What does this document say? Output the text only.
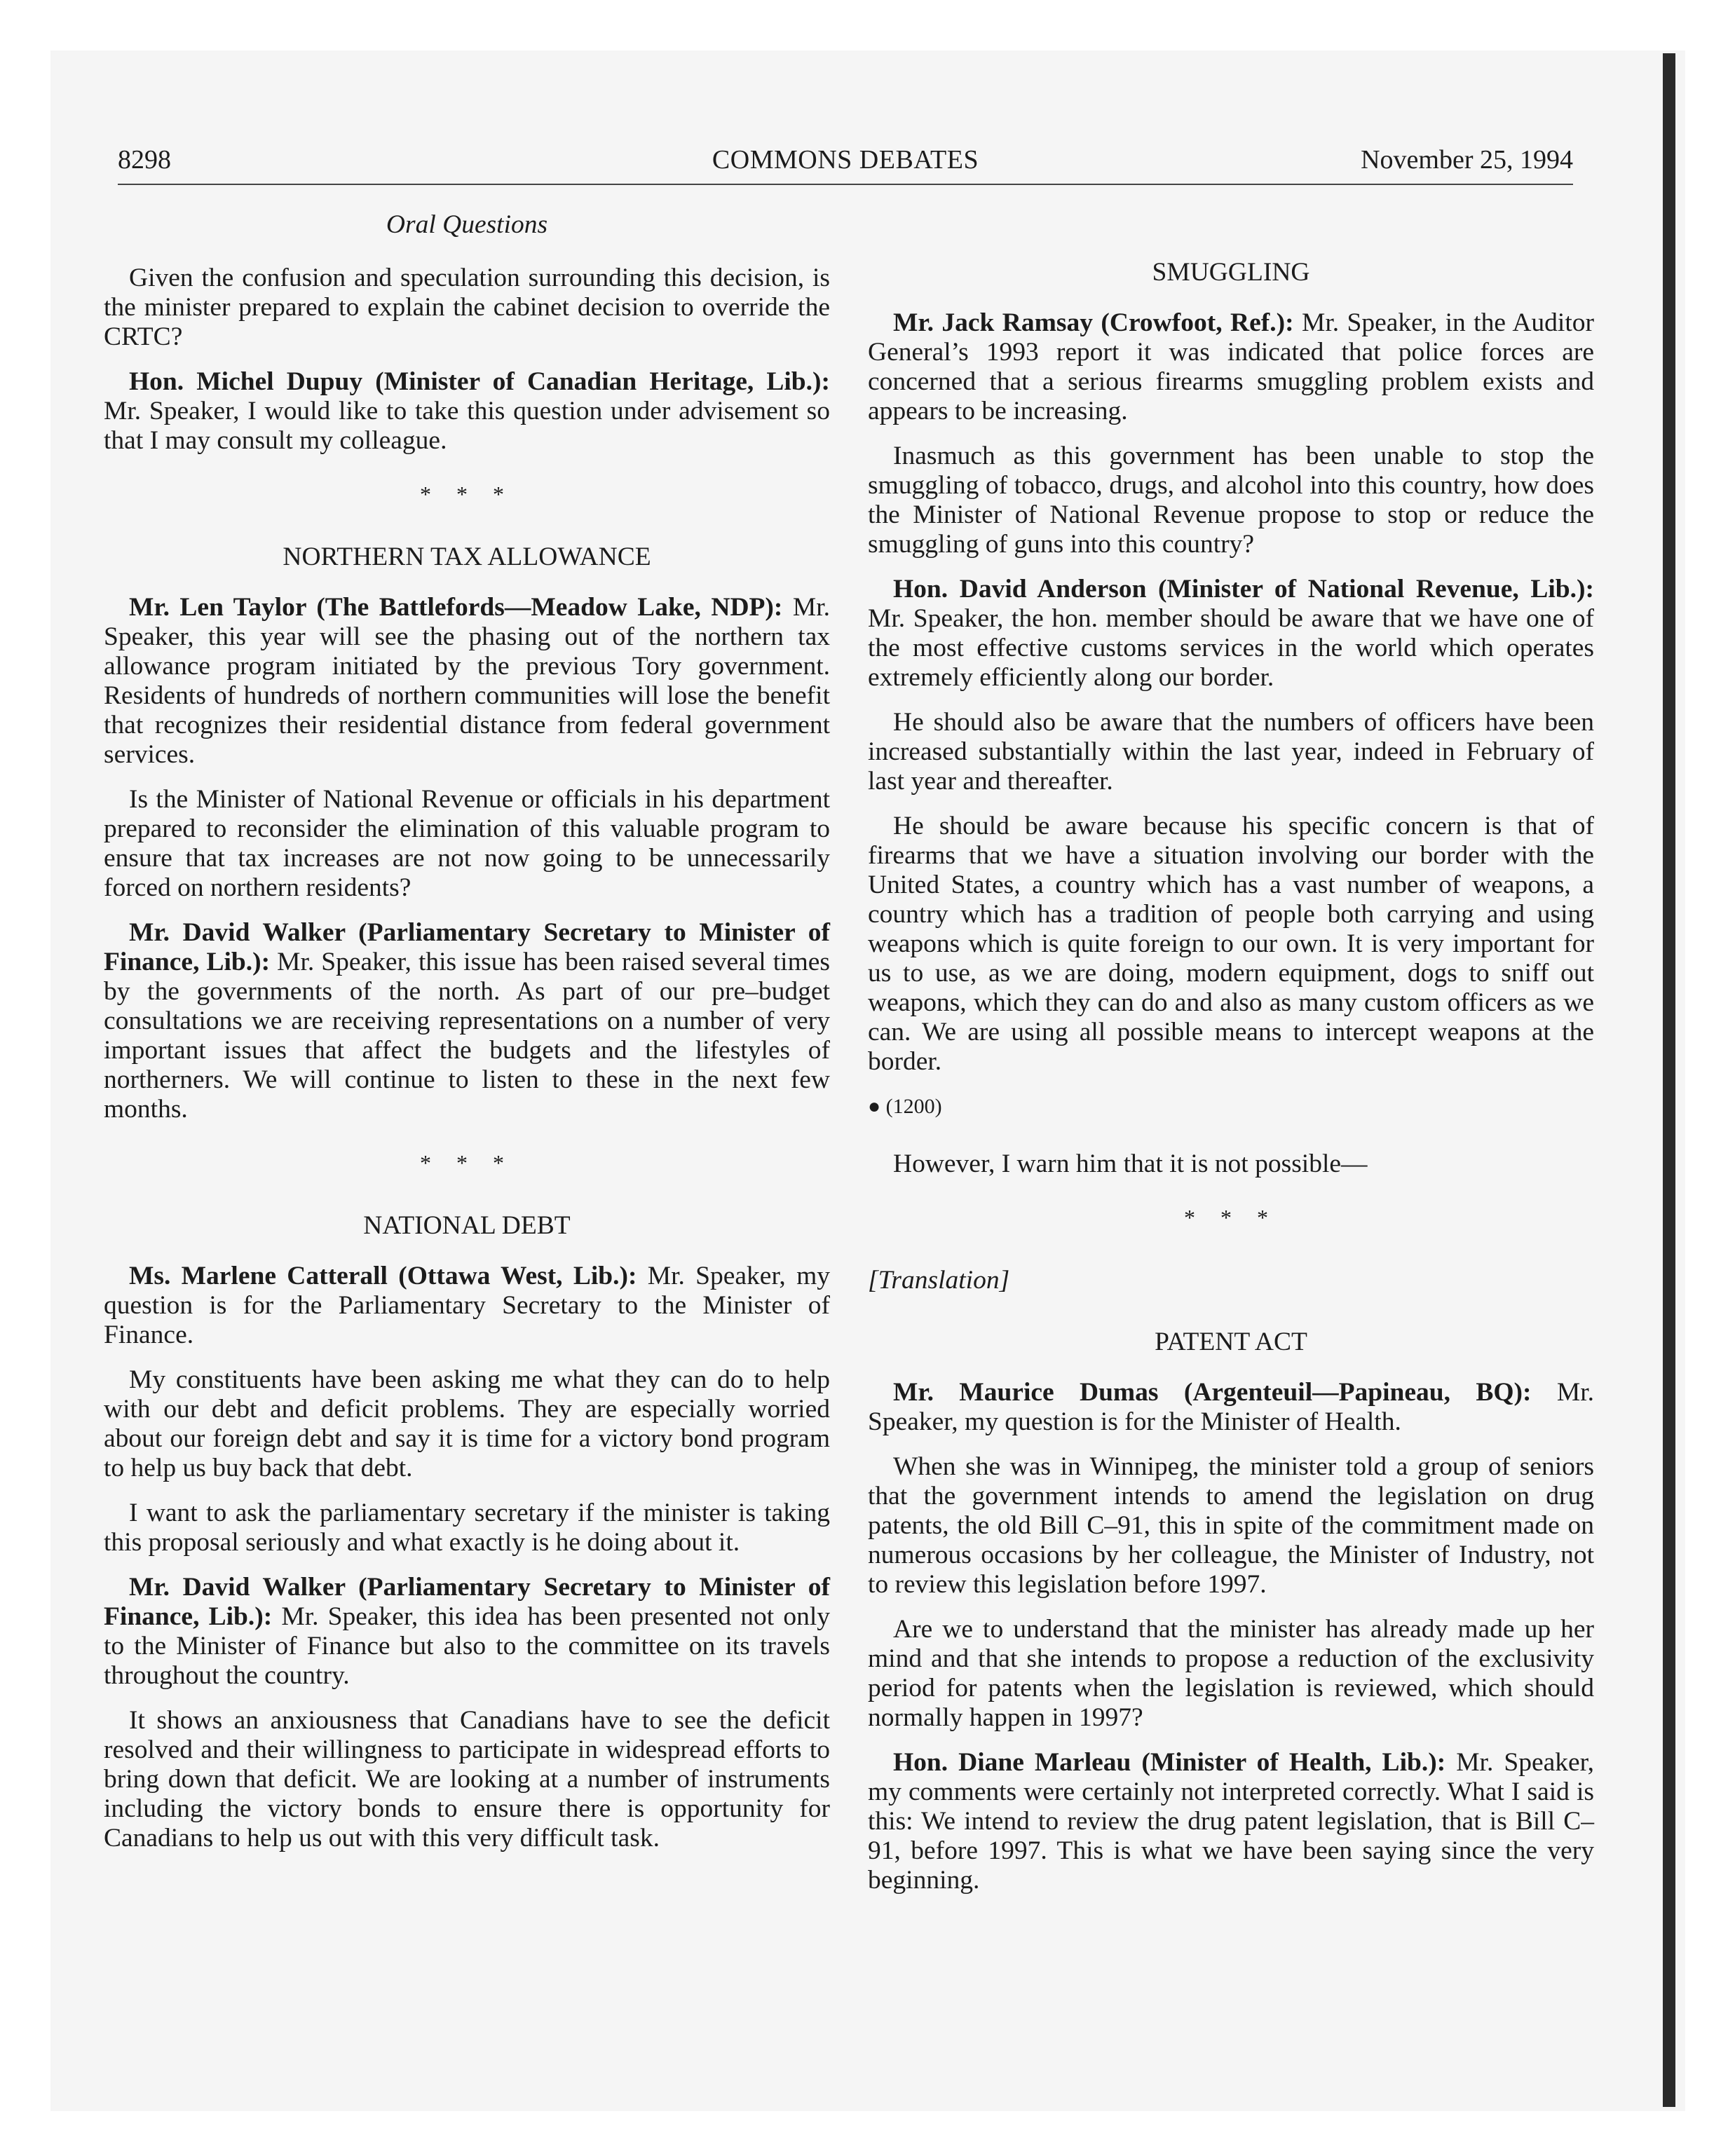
8298	COMMONS DEBATES	November 25, 1994
Oral Questions

Given the confusion and speculation surrounding this decision, is the minister prepared to explain the cabinet decision to override the CRTC?

Hon. Michel Dupuy (Minister of Canadian Heritage, Lib.): Mr. Speaker, I would like to take this question under advisement so that I may consult my colleague.

* * *
NORTHERN TAX ALLOWANCE

Mr. Len Taylor (The Battlefords—Meadow Lake, NDP): Mr. Speaker, this year will see the phasing out of the northern tax allowance program initiated by the previous Tory government. Residents of hundreds of northern communities will lose the benefit that recognizes their residential distance from federal government services.

Is the Minister of National Revenue or officials in his department prepared to reconsider the elimination of this valuable program to ensure that tax increases are not now going to be unnecessarily forced on northern residents?

Mr. David Walker (Parliamentary Secretary to Minister of Finance, Lib.): Mr. Speaker, this issue has been raised several times by the governments of the north. As part of our pre–budget consultations we are receiving representations on a number of very important issues that affect the budgets and the lifestyles of northerners. We will continue to listen to these in the next few months.

* * *
NATIONAL DEBT

Ms. Marlene Catterall (Ottawa West, Lib.): Mr. Speaker, my question is for the Parliamentary Secretary to the Minister of Finance.

My constituents have been asking me what they can do to help with our debt and deficit problems. They are especially worried about our foreign debt and say it is time for a victory bond program to help us buy back that debt.

I want to ask the parliamentary secretary if the minister is taking this proposal seriously and what exactly is he doing about it.

Mr. David Walker (Parliamentary Secretary to Minister of Finance, Lib.): Mr. Speaker, this idea has been presented not only to the Minister of Finance but also to the committee on its travels throughout the country.

It shows an anxiousness that Canadians have to see the deficit resolved and their willingness to participate in widespread efforts to bring down that deficit. We are looking at a number of instruments including the victory bonds to ensure there is opportunity for Canadians to help us out with this very difficult task.

SMUGGLING

Mr. Jack Ramsay (Crowfoot, Ref.): Mr. Speaker, in the Auditor General’s 1993 report it was indicated that police forces are concerned that a serious firearms smuggling problem exists and appears to be increasing.

Inasmuch as this government has been unable to stop the smuggling of tobacco, drugs, and alcohol into this country, how does the Minister of National Revenue propose to stop or reduce the smuggling of guns into this country?

Hon. David Anderson (Minister of National Revenue, Lib.): Mr. Speaker, the hon. member should be aware that we have one of the most effective customs services in the world which operates extremely efficiently along our border.

He should also be aware that the numbers of officers have been increased substantially within the last year, indeed in February of last year and thereafter.

He should be aware because his specific concern is that of firearms that we have a situation involving our border with the United States, a country which has a vast number of weapons, a country which has a tradition of people both carrying and using weapons which is quite foreign to our own. It is very important for us to use, as we are doing, modern equipment, dogs to sniff out weapons, which they can do and also as many custom officers as we can. We are using all possible means to intercept weapons at the border.

● (1200)

However, I warn him that it is not possible—

* * *
[Translation]
PATENT ACT

Mr. Maurice Dumas (Argenteuil—Papineau, BQ): Mr. Speaker, my question is for the Minister of Health.

When she was in Winnipeg, the minister told a group of seniors that the government intends to amend the legislation on drug patents, the old Bill C–91, this in spite of the commitment made on numerous occasions by her colleague, the Minister of Industry, not to review this legislation before 1997.

Are we to understand that the minister has already made up her mind and that she intends to propose a reduction of the exclusivity period for patents when the legislation is reviewed, which should normally happen in 1997?

Hon. Diane Marleau (Minister of Health, Lib.): Mr. Speaker, my comments were certainly not interpreted correctly. What I said is this: We intend to review the drug patent legislation, that is Bill C–91, before 1997. This is what we have been saying since the very beginning.
